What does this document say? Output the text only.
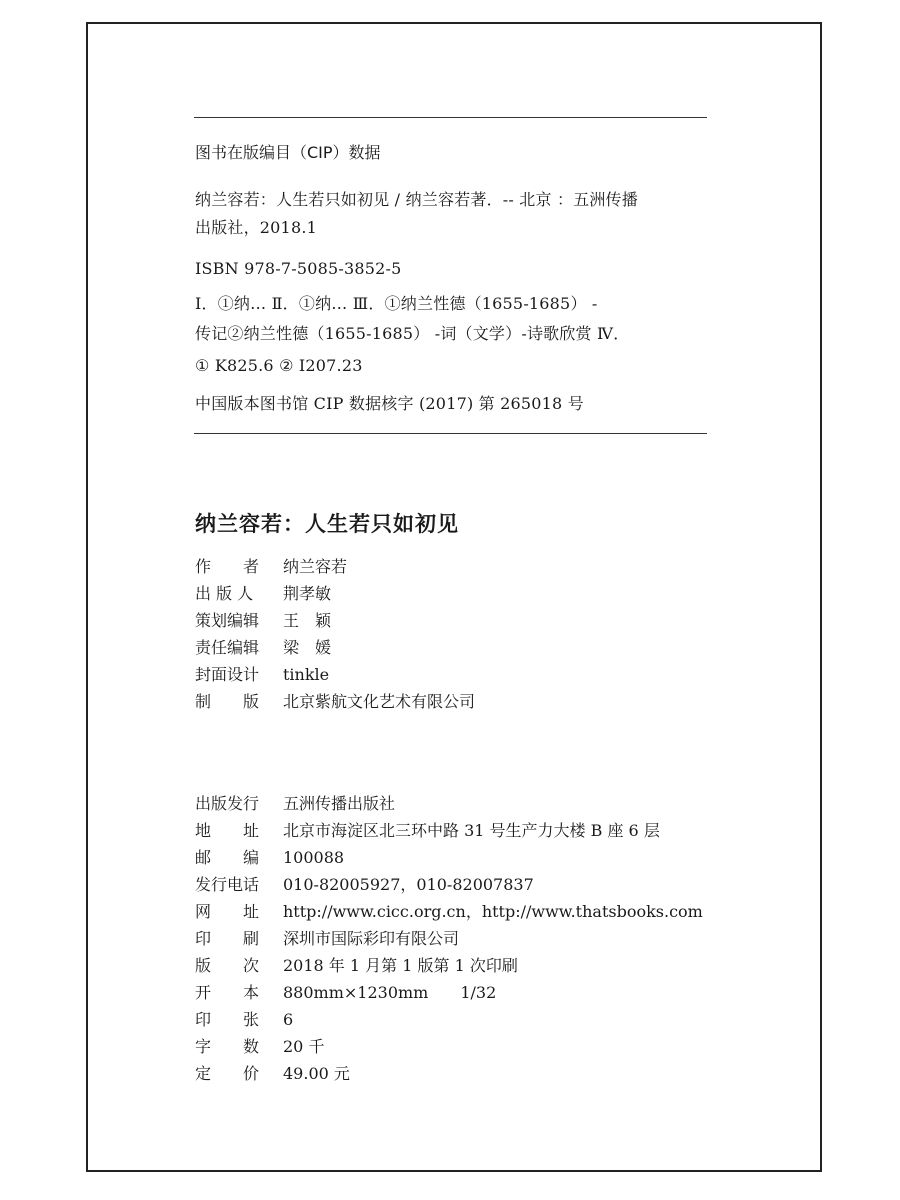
图书在版编目（CIP）数据
纳兰容若：人生若只如初见 / 纳兰容若著．-- 北京 ：五洲传播
出版社，2018.1
ISBN 978-7-5085-3852-5
Ⅰ．①纳… Ⅱ．①纳… Ⅲ．①纳兰性德（1655-1685） -
传记②纳兰性德（1655-1685） -词（文学）-诗歌欣赏 Ⅳ．
① K825.6 ② I207.23
中国版本图书馆 CIP 数据核字 (2017) 第 265018 号
纳兰容若：人生若只如初见
作　　者	纳兰容若
出 版 人	荆孝敏
策划编辑	王　颖
责任编辑	梁　媛
封面设计	tinkle
制　　版	北京紫航文化艺术有限公司
出版发行	五洲传播出版社
地　　址	北京市海淀区北三环中路 31 号生产力大楼 B 座 6 层
邮　　编	100088
发行电话	010-82005927，010-82007837
网　　址	http://www.cicc.org.cn，http://www.thatsbooks.com
印　　刷	深圳市国际彩印有限公司
版　　次	2018 年 1 月第 1 版第 1 次印刷
开　　本	880mm×1230mm　　1/32
印　　张	6
字　　数	20 千
定　　价	49.00 元
